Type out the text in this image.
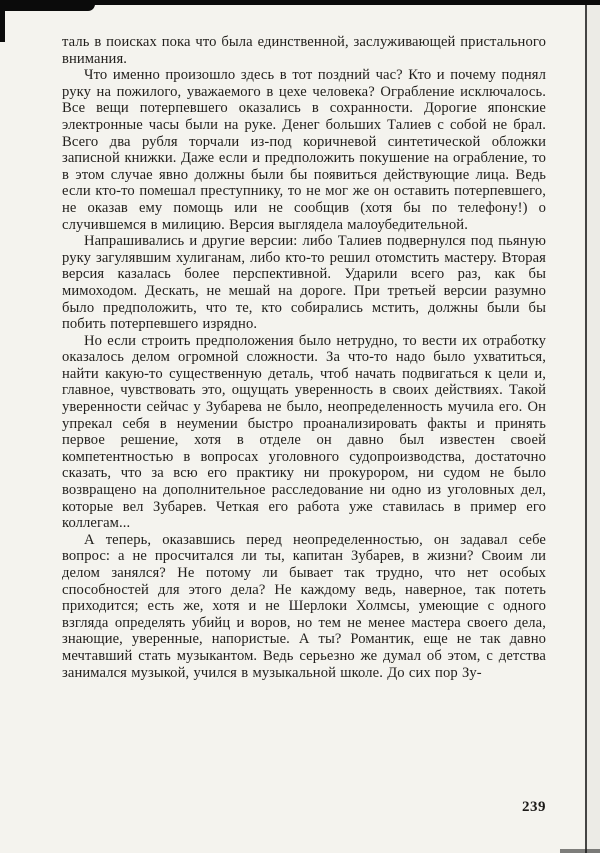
таль в поисках пока что была единственной, заслуживающей пристального внимания.

Что именно произошло здесь в тот поздний час? Кто и почему поднял руку на пожилого, уважаемого в цехе человека? Ограбление исключалось. Все вещи потерпевшего оказались в сохранности. Дорогие японские электронные часы были на руке. Денег больших Талиев с собой не брал. Всего два рубля торчали из-под коричневой синтетической обложки записной книжки. Даже если и предположить покушение на ограбление, то в этом случае явно должны были бы появиться действующие лица. Ведь если кто-то помешал преступнику, то не мог же он оставить потерпевшего, не оказав ему помощь или не сообщив (хотя бы по телефону!) о случившемся в милицию. Версия выглядела малоубедительной.

Напрашивались и другие версии: либо Талиев подвернулся под пьяную руку загулявшим хулиганам, либо кто-то решил отомстить мастеру. Вторая версия казалась более перспективной. Ударили всего раз, как бы мимоходом. Дескать, не мешай на дороге. При третьей версии разумно было предположить, что те, кто собирались мстить, должны были бы побить потерпевшего изрядно.

Но если строить предположения было нетрудно, то вести их отработку оказалось делом огромной сложности. За что-то надо было ухватиться, найти какую-то существенную деталь, чтоб начать подвигаться к цели и, главное, чувствовать это, ощущать уверенность в своих действиях. Такой уверенности сейчас у Зубарева не было, неопределенность мучила его. Он упрекал себя в неумении быстро проанализировать факты и принять первое решение, хотя в отделе он давно был известен своей компетентностью в вопросах уголовного судопроизводства, достаточно сказать, что за всю его практику ни прокурором, ни судом не было возвращено на дополнительное расследование ни одно из уголовных дел, которые вел Зубарев. Четкая его работа уже ставилась в пример его коллегам...

А теперь, оказавшись перед неопределенностью, он задавал себе вопрос: а не просчитался ли ты, капитан Зубарев, в жизни? Своим ли делом занялся? Не потому ли бывает так трудно, что нет особых способностей для этого дела? Не каждому ведь, наверное, так потеть приходится; есть же, хотя и не Шерлоки Холмсы, умеющие с одного взгляда определять убийц и воров, но тем не менее мастера своего дела, знающие, уверенные, напористые. А ты? Романтик, еще не так давно мечтавший стать музыкантом. Ведь серьезно же думал об этом, с детства занимался музыкой, учился в музыкальной школе. До сих пор Зу-

239
